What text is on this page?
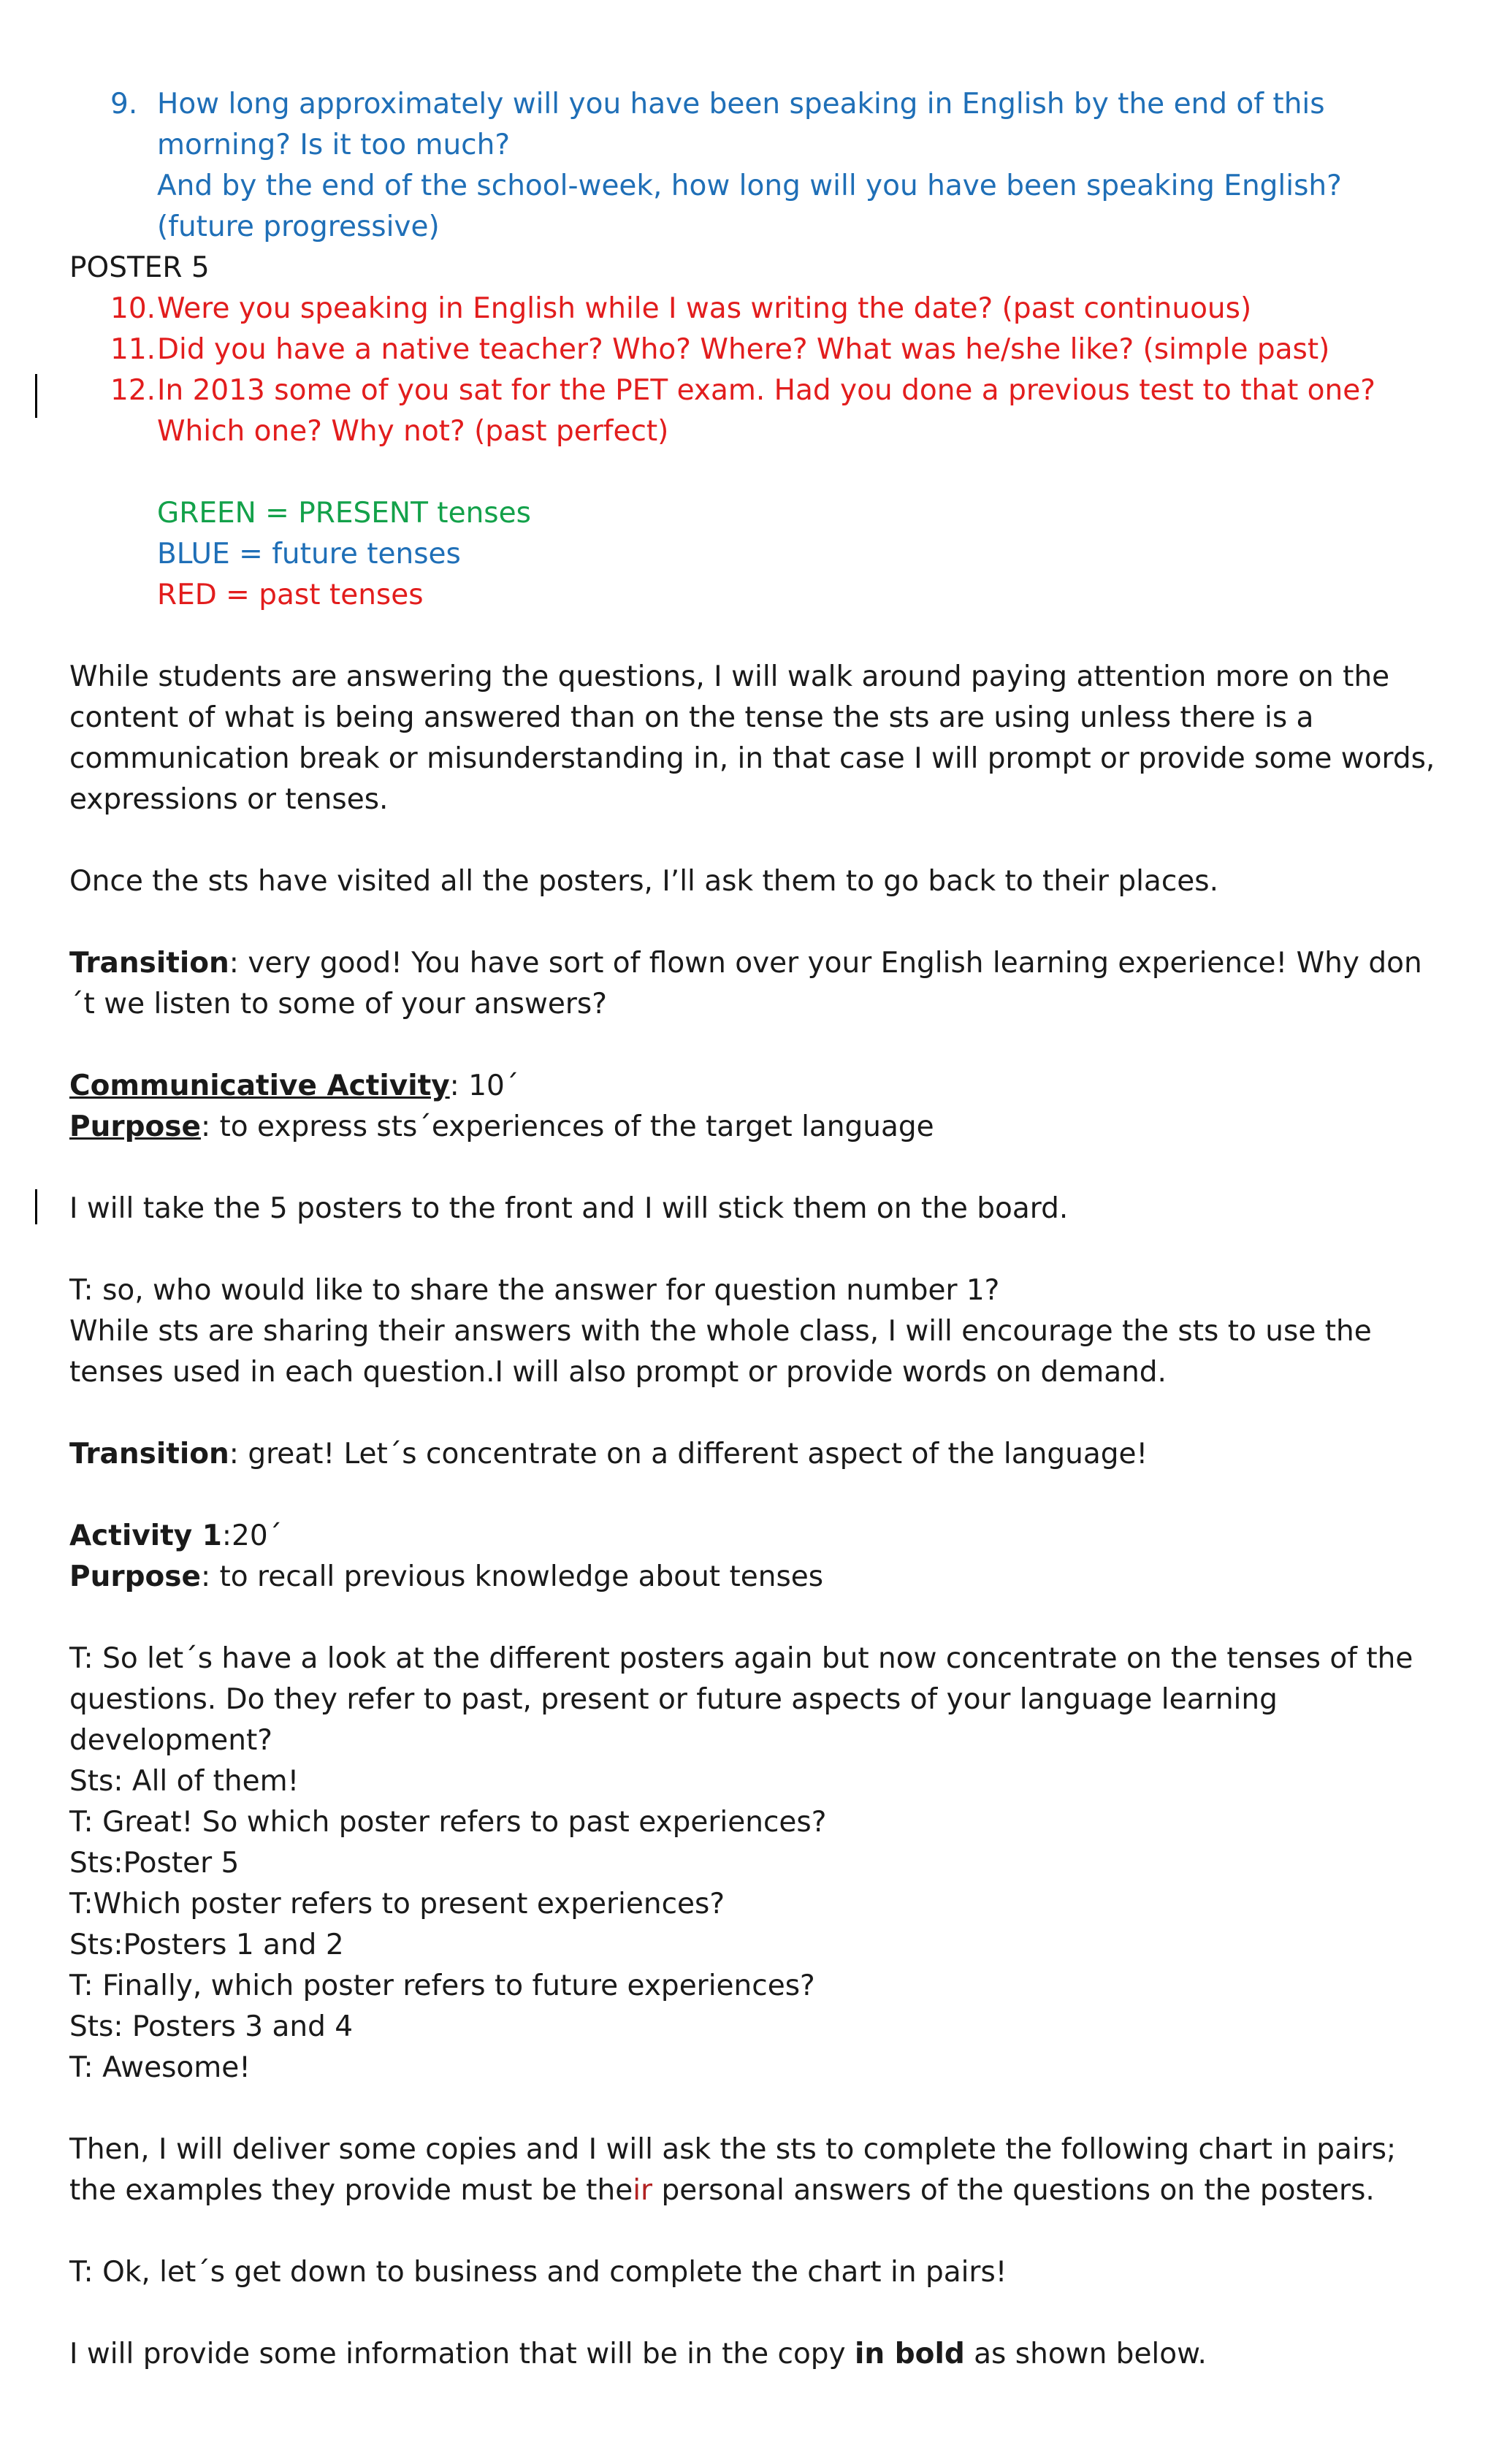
9. How long approximately will you have been speaking in English by the end of this morning? Is it too much?

And by the end of the school-week, how long will you have been speaking English?(future progressive)

POSTER 5

10. Were you speaking in English while I was writing the date? (past continuous)

11. Did you have a native teacher? Who? Where? What was he/she like? (simple past)

12. In 2013 some of you sat for the PET exam. Had you done a previous test to that one? Which one? Why not? (past perfect)

GREEN = PRESENT tenses

BLUE = future tenses

RED = past tenses

While students are answering the questions, I will walk around paying attention more on the content of what is being answered than on the tense the sts are using unless there is a communication break or misunderstanding in, in that case I will prompt or provide some words, expressions or tenses.

Once the sts have visited all the posters, I’ll ask them to go back to their places.

Transition: very good! You have sort of flown over your English learning experience! Why don´t we listen to some of your answers?

Communicative Activity: 10´

Purpose: to express sts´experiences of the target language

I will take the 5 posters to the front and I will stick them on the board.

T: so, who would like to share the answer for question number 1?

While sts are sharing their answers with the whole class, I will encourage the sts to use the tenses used in each question.I will also prompt or provide words on demand.

Transition: great! Let´s concentrate on a different aspect of the language!

Activity 1:20´

Purpose: to recall previous knowledge about tenses

T: So let´s have a look at the different posters again but now concentrate on the tenses of the questions. Do they refer to past, present or future aspects of your language learning development?

Sts: All of them!

T: Great! So which poster refers to past experiences?

Sts:Poster 5

T:Which poster refers to present experiences?

Sts:Posters 1 and 2

T: Finally, which poster refers to future experiences?

Sts: Posters 3 and 4

T: Awesome!

Then, I will deliver some copies and I will ask the sts to complete the following chart in pairs; the examples they provide must be their personal answers of the questions on the posters.

T: Ok, let´s get down to business and complete the chart in pairs!

I will provide some information that will be in the copy in bold as shown below.
